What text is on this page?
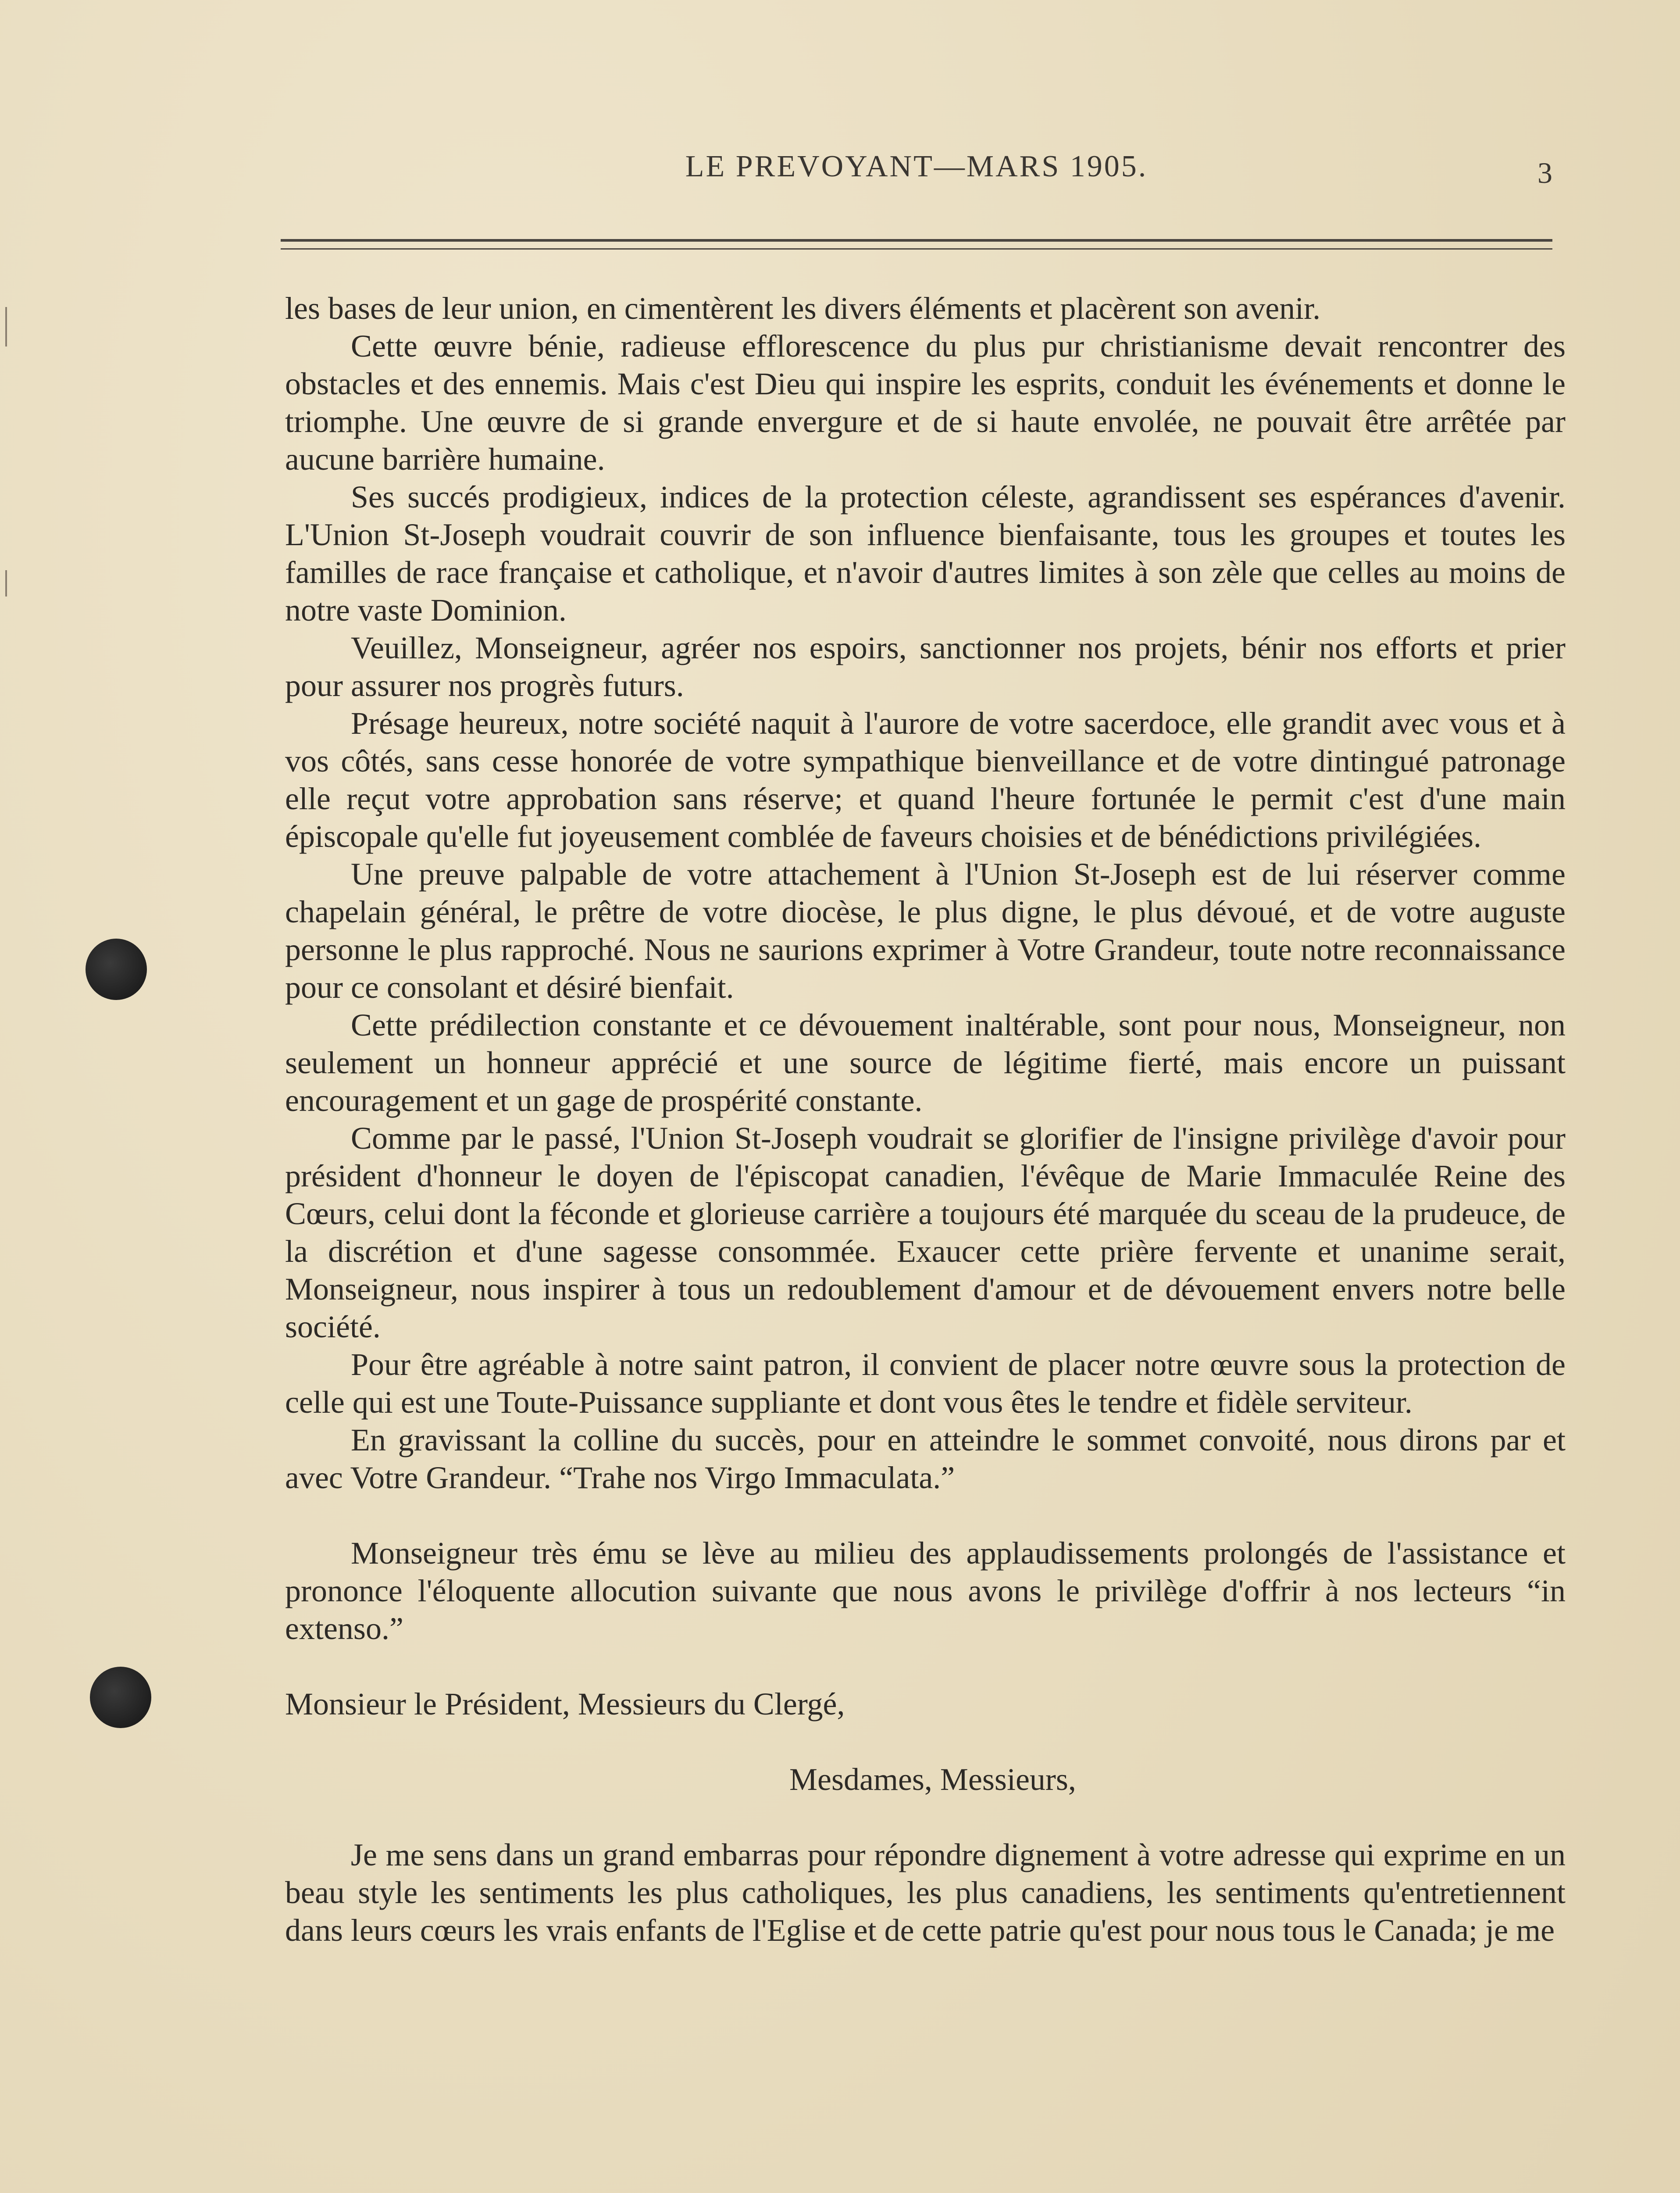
LE PREVOYANT—MARS 1905.	3

les bases de leur union, en cimentèrent les divers éléments et placèrent son avenir.

Cette œuvre bénie, radieuse efflorescence du plus pur christianisme devait rencontrer des obstacles et des ennemis. Mais c'est Dieu qui inspire les esprits, conduit les événements et donne le triomphe. Une œuvre de si grande envergure et de si haute envolée, ne pouvait être arrêtée par aucune barrière humaine.

Ses succés prodigieux, indices de la protection céleste, agrandissent ses espérances d'avenir. L'Union St-Joseph voudrait couvrir de son influence bienfaisante, tous les groupes et toutes les familles de race française et catholique, et n'avoir d'autres limites à son zèle que celles au moins de notre vaste Dominion.

Veuillez, Monseigneur, agréer nos espoirs, sanctionner nos projets, bénir nos efforts et prier pour assurer nos progrès futurs.

Présage heureux, notre société naquit à l'aurore de votre sacerdoce, elle grandit avec vous et à vos côtés, sans cesse honorée de votre sympathique bienveillance et de votre dintingué patronage elle reçut votre approbation sans réserve; et quand l'heure fortunée le permit c'est d'une main épiscopale qu'elle fut joyeusement comblée de faveurs choisies et de bénédictions privilégiées.

Une preuve palpable de votre attachement à l'Union St-Joseph est de lui réserver comme chapelain général, le prêtre de votre diocèse, le plus digne, le plus dévoué, et de votre auguste personne le plus rapproché. Nous ne saurions exprimer à Votre Grandeur, toute notre reconnaissance pour ce consolant et désiré bienfait.

Cette prédilection constante et ce dévouement inaltérable, sont pour nous, Monseigneur, non seulement un honneur apprécié et une source de légitime fierté, mais encore un puissant encouragement et un gage de prospérité constante.

Comme par le passé, l'Union St-Joseph voudrait se glorifier de l'insigne privilège d'avoir pour président d'honneur le doyen de l'épiscopat canadien, l'évêque de Marie Immaculée Reine des Cœurs, celui dont la féconde et glorieuse carrière a toujours été marquée du sceau de la prudeuce, de la discrétion et d'une sagesse consommée. Exaucer cette prière fervente et unanime serait, Monseigneur, nous inspirer à tous un redoublement d'amour et de dévouement envers notre belle société.

Pour être agréable à notre saint patron, il convient de placer notre œuvre sous la protection de celle qui est une Toute-Puissance suppliante et dont vous êtes le tendre et fidèle serviteur.

En gravissant la colline du succès, pour en atteindre le sommet convoité, nous dirons par et avec Votre Grandeur. “Trahe nos Virgo Immaculata.”

Monseigneur très ému se lève au milieu des applaudissements prolongés de l'assistance et prononce l'éloquente allocution suivante que nous avons le privilège d'offrir à nos lecteurs “in extenso.”

Monsieur le Président, Messieurs du Clergé,

Mesdames, Messieurs,

Je me sens dans un grand embarras pour répondre dignement à votre adresse qui exprime en un beau style les sentiments les plus catholiques, les plus canadiens, les sentiments qu'entretiennent dans leurs cœurs les vrais enfants de l'Eglise et de cette patrie qu'est pour nous tous le Canada; je me
